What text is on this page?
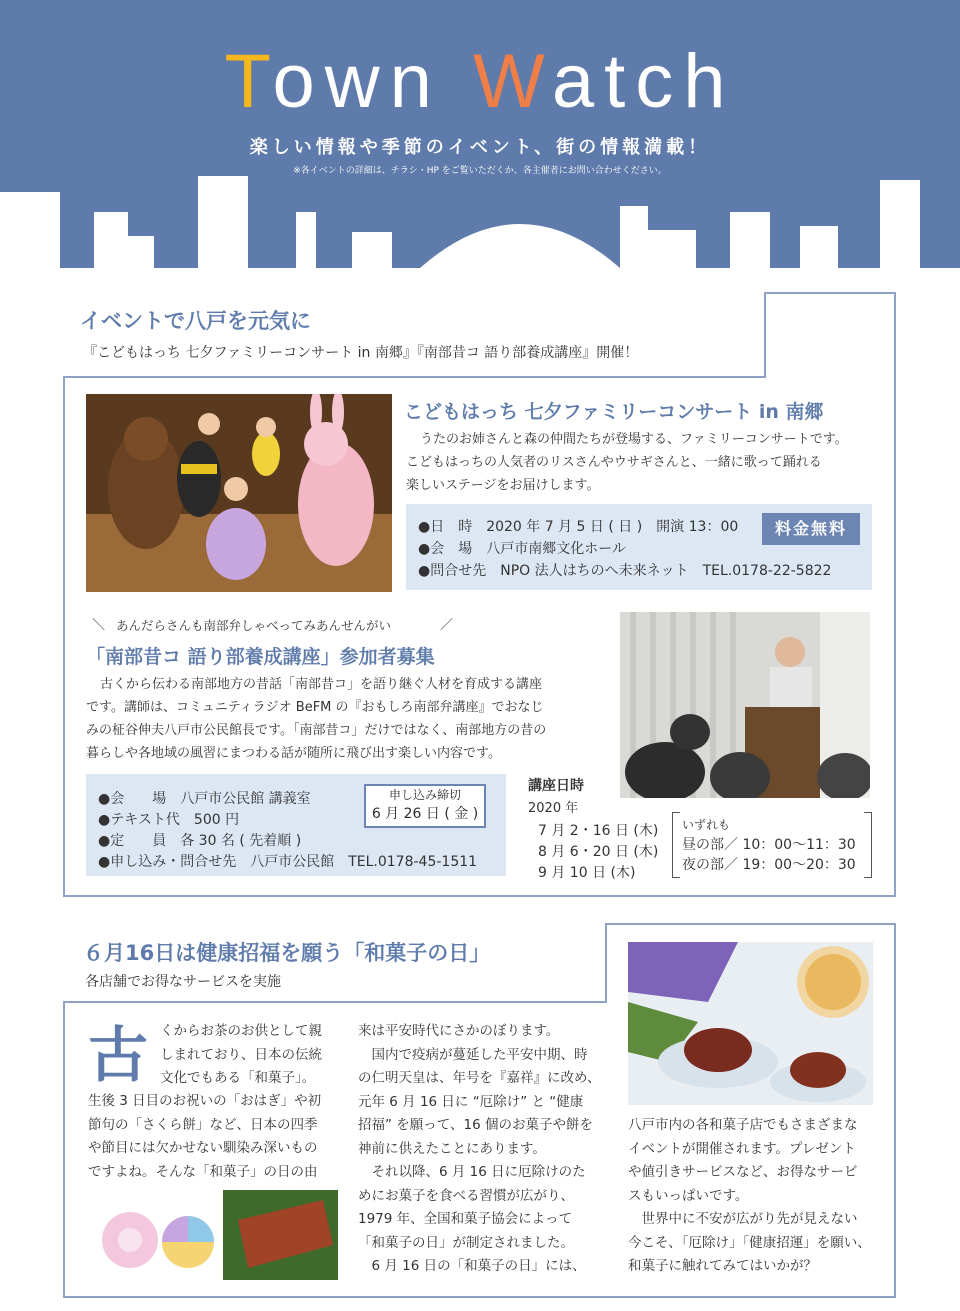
Town Watch
楽しい情報や季節のイベント、街の情報満載！
※各イベントの詳細は、チラシ・HP をご覧いただくか、各主催者にお問い合わせください。
イベントで八戸を元気に
『こどもはっち 七夕ファミリーコンサート in 南郷』『南部昔コ 語り部養成講座』開催！
こどもはっち 七夕ファミリーコンサート in 南郷

うたのお姉さんと森の仲間たちが登場する、ファミリーコンサートです。

こどもはっちの人気者のリスさんやウサギさんと、一緒に歌って踊れる

楽しいステージをお届けします。

●日　時　2020 年 7 月 5 日 ( 日 )　開演 13：00
●会　場　八戸市南郷文化ホール
●問合せ先　NPO 法人はちのへ未来ネット　TEL.0178-22-5822
料金無料
＼ あんだらさんも南部弁しゃべってみあんせんがい	／
「南部昔コ 語り部養成講座」参加者募集

古くから伝わる南部地方の昔話「南部昔コ」を語り継ぐ人材を育成する講座

です。講師は、コミュニティラジオ BeFM の『おもしろ南部弁講座』でおなじ

みの柾谷伸夫八戸市公民館長です。「南部昔コ」だけではなく、南部地方の昔の

暮らしや各地域の風習にまつわる話が随所に飛び出す楽しい内容です。

●会　　場　八戸市公民館 講義室
●テキスト代　500 円
●定　　員　各 30 名 ( 先着順 )
●申し込み・問合せ先　八戸市公民館　TEL.0178-45-1511
申し込み締切
6 月 26 日 ( 金 )
講座日時
2020 年
7 月 2・16 日 (木)
8 月 6・20 日 (木)
9 月 10 日 (木)
いずれも
昼の部／ 10：00〜11：30
夜の部／ 19：00〜20：30
６月16日は健康招福を願う「和菓子の日」
各店舗でお得なサービスを実施
古 くからお茶のお供として親

しまれており、日本の伝統

文化でもある「和菓子」。

生後 3 日目のお祝いの「おはぎ」や初

節句の「さくら餅」など、日本の四季

や節目には欠かせない馴染み深いもの

ですよね。そんな「和菓子」の日の由

来は平安時代にさかのぼります。

　国内で疫病が蔓延した平安中期、時

の仁明天皇は、年号を『嘉祥』に改め、

元年 6 月 16 日に “厄除け” と “健康

招福” を願って、16 個のお菓子や餅を

神前に供えたことにあります。

　それ以降、6 月 16 日に厄除けのた

めにお菓子を食べる習慣が広がり、

1979 年、全国和菓子協会によって

「和菓子の日」が制定されました。

　6 月 16 日の「和菓子の日」には、

八戸市内の各和菓子店でもさまざまな

イベントが開催されます。プレゼント

や値引きサービスなど、お得なサービ

スもいっぱいです。

　世界中に不安が広がり先が見えない

今こそ、「厄除け」「健康招運」を願い、

和菓子に触れてみてはいかが？
